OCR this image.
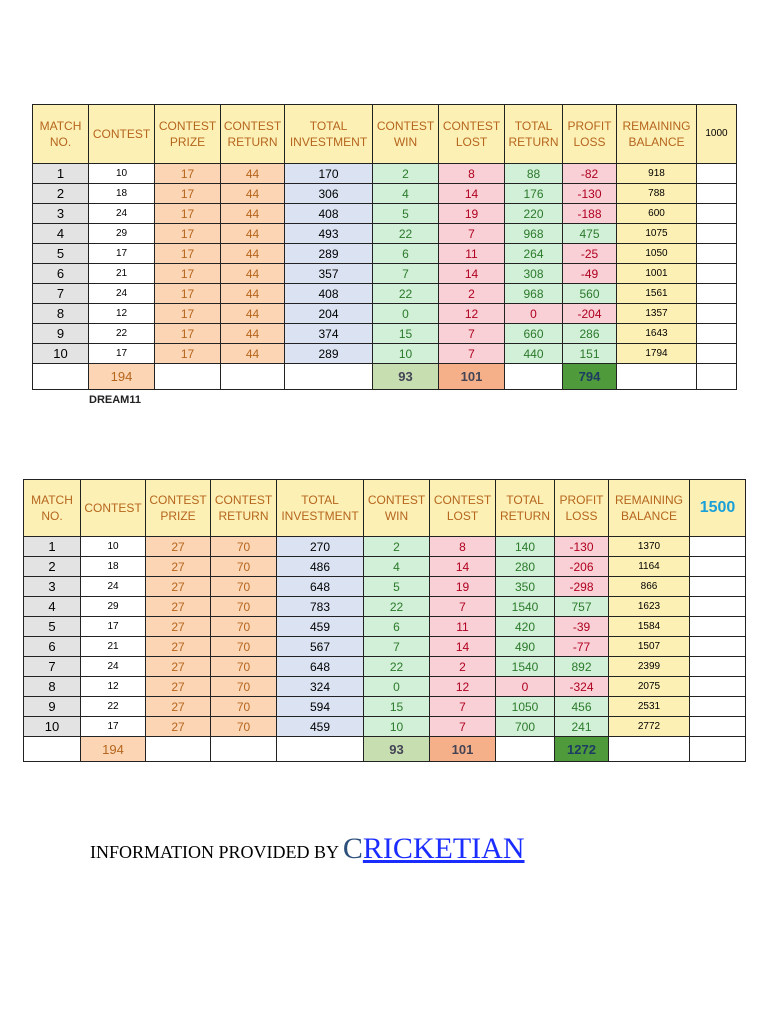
MATCH NO.	CONTEST	CONTEST PRIZE	CONTEST RETURN	TOTAL INVESTMENT	CONTEST WIN	CONTEST LOST	TOTAL RETURN	PROFIT LOSS	REMAINING BALANCE	1000
1	10	17	44	170	2	8	88	-82	918	
2	18	17	44	306	4	14	176	-130	788	
3	24	17	44	408	5	19	220	-188	600	
4	29	17	44	493	22	7	968	475	1075	
5	17	17	44	289	6	11	264	-25	1050	
6	21	17	44	357	7	14	308	-49	1001	
7	24	17	44	408	22	2	968	560	1561	
8	12	17	44	204	0	12	0	-204	1357	
9	22	17	44	374	15	7	660	286	1643	
10	17	17	44	289	10	7	440	151	1794	
	194				93	101		794		
DREAM11
MATCH NO.	CONTEST	CONTEST PRIZE	CONTEST RETURN	TOTAL INVESTMENT	CONTEST WIN	CONTEST LOST	TOTAL RETURN	PROFIT LOSS	REMAINING BALANCE	1500
1	10	27	70	270	2	8	140	-130	1370	
2	18	27	70	486	4	14	280	-206	1164	
3	24	27	70	648	5	19	350	-298	866	
4	29	27	70	783	22	7	1540	757	1623	
5	17	27	70	459	6	11	420	-39	1584	
6	21	27	70	567	7	14	490	-77	1507	
7	24	27	70	648	22	2	1540	892	2399	
8	12	27	70	324	0	12	0	-324	2075	
9	22	27	70	594	15	7	1050	456	2531	
10	17	27	70	459	10	7	700	241	2772	
	194				93	101		1272		
INFORMATION PROVIDED BY CRICKETIAN
